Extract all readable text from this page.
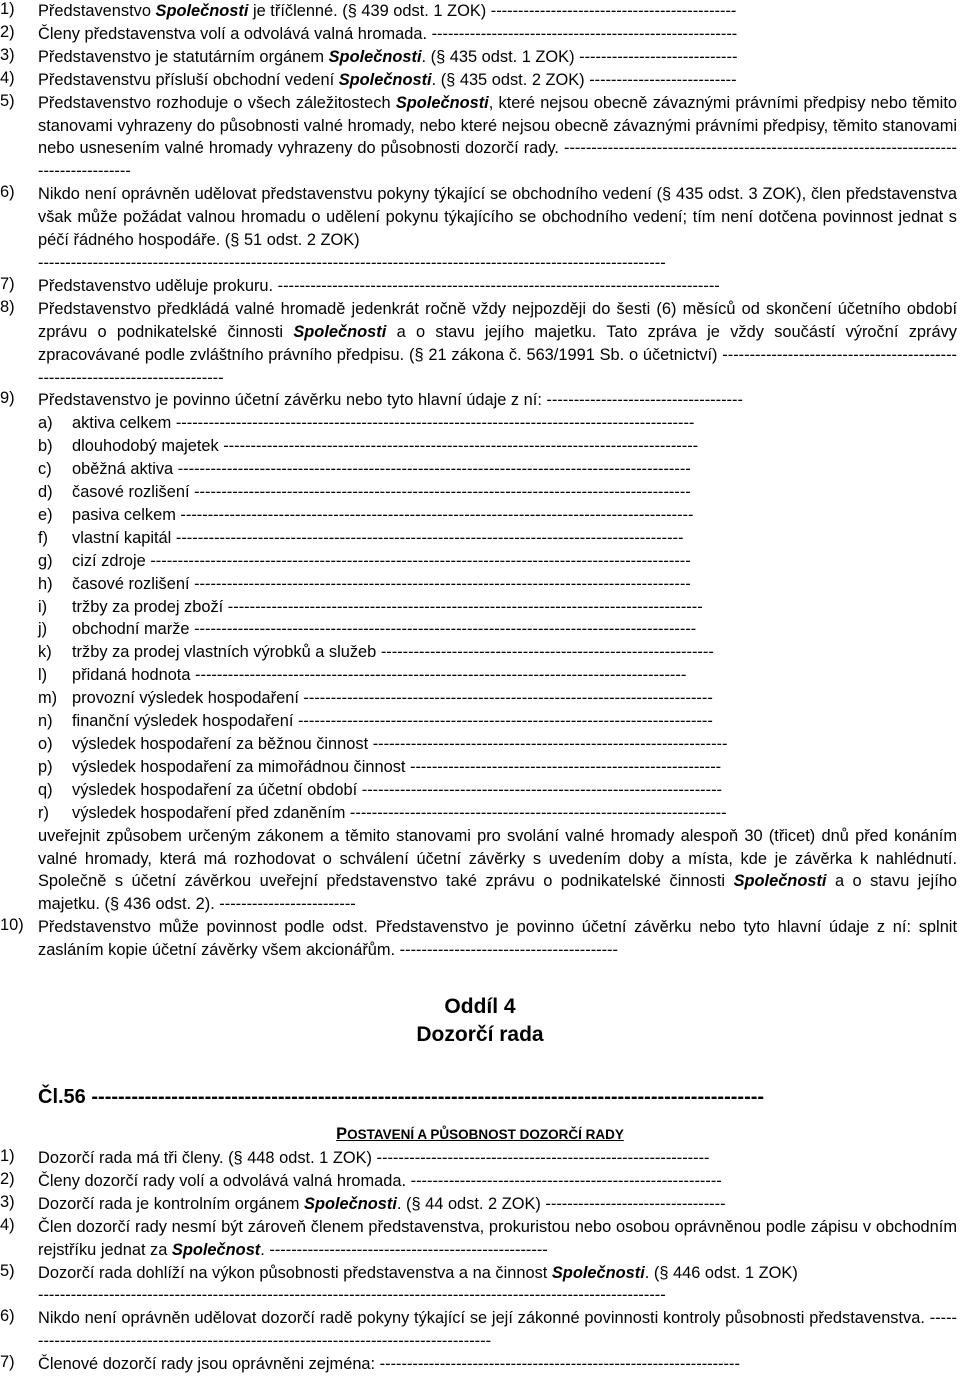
1)	Představenstvo Společnosti je tříčlenné. (§ 439 odst. 1 ZOK) ---------------------------------------------
2)	Členy představenstva volí a odvolává valná hromada. --------------------------------------------------------
3)	Představenstvo je statutárním orgánem Společnosti. (§ 435 odst. 1 ZOK) -----------------------------
4)	Představenstvu přísluší obchodní vedení Společnosti. (§ 435 odst. 2 ZOK) ---------------------------
5)	Představenstvo rozhoduje o všech záležitostech Společnosti, které nejsou obecně závaznými právními předpisy nebo těmito stanovami vyhrazeny do působnosti valné hromady, nebo které nejsou obecně závaznými právními předpisy, těmito stanovami nebo usnesením valné hromady vyhrazeny do působnosti dozorčí rady. -----------------------------------------------------------------------------------------
6)	Nikdo není oprávněn udělovat představenstvu pokyny týkající se obchodního vedení (§ 435 odst. 3 ZOK), člen představenstva však může požádat valnou hromadu o udělení pokynu týkajícího se obchodního vedení; tím není dotčena povinnost jednat s péčí řádného hospodáře. (§ 51 odst. 2 ZOK)
-------------------------------------------------------------------------------------------------------------------
7)	Představenstvo uděluje prokuru. ---------------------------------------------------------------------------------
8)	Představenstvo předkládá valné hromadě jedenkrát ročně vždy nejpozději do šesti (6) měsíců od skončení účetního období zprávu o podnikatelské činnosti Společnosti a o stavu jejího majetku. Tato zpráva je vždy součástí výroční zprávy zpracovávané podle zvláštního právního předpisu. (§ 21 zákona č. 563/1991 Sb. o účetnictví) -----------------------------------------------------------------------------
9)	Představenstvo je povinno účetní závěrku nebo tyto hlavní údaje z ní: ------------------------------------
a)	aktiva celkem -----------------------------------------------------------------------------------------------
b)	dlouhodobý majetek ---------------------------------------------------------------------------------------
c)	oběžná aktiva ----------------------------------------------------------------------------------------------
d)	časové rozlišení -------------------------------------------------------------------------------------------
e)	pasiva celkem ----------------------------------------------------------------------------------------------
f)	vlastní kapitál ---------------------------------------------------------------------------------------------
g)	cizí zdroje ---------------------------------------------------------------------------------------------------
h)	časové rozlišení -------------------------------------------------------------------------------------------
i)	tržby za prodej zboží ---------------------------------------------------------------------------------------
j)	obchodní marže --------------------------------------------------------------------------------------------
k)	tržby za prodej vlastních výrobků a služeb -------------------------------------------------------------
l)	přidaná hodnota ------------------------------------------------------------------------------------------
m) provozní výsledek hospodaření ---------------------------------------------------------------------------
n)	finanční výsledek hospodaření ----------------------------------------------------------------------------
o)	výsledek hospodaření za běžnou činnost -----------------------------------------------------------------
p)	výsledek hospodaření za mimořádnou činnost ---------------------------------------------------------
q)	výsledek hospodaření za účetní období ------------------------------------------------------------------
r)	výsledek hospodaření před zdaněním ---------------------------------------------------------------------
uveřejnit způsobem určeným zákonem a těmito stanovami pro svolání valné hromady alespoň 30 (třicet) dnů před konáním valné hromady, která má rozhodovat o schválení účetní závěrky s uvedením doby a místa, kde je závěrka k nahlédnutí. Společně s účetní závěrkou uveřejní představenstvo také zprávu o podnikatelské činnosti Společnosti a o stavu jejího majetku. (§ 436 odst. 2). -------------------------
10) Představenstvo může povinnost podle odst. Představenstvo je povinno účetní závěrku nebo tyto hlavní údaje z ní: splnit zasláním kopie účetní závěrky všem akcionářům. ----------------------------------------
Oddíl 4
Dozorčí rada
Čl.56 -----------------------------------------------------------------------------------------------------
POSTAVENÍ A PŮSOBNOST DOZORČÍ RADY
1)	Dozorčí rada má tři členy. (§ 448 odst. 1 ZOK) -------------------------------------------------------------
2)	Členy dozorčí rady volí a odvolává valná hromada. ---------------------------------------------------------
3)	Dozorčí rada je kontrolním orgánem Společnosti. (§ 44 odst. 2 ZOK) ---------------------------------
4)	Člen dozorčí rady nesmí být zároveň členem představenstva, prokuristou nebo osobou oprávněnou podle zápisu v obchodním rejstříku jednat za Společnost. ---------------------------------------------------
5)	Dozorčí rada dohlíží na výkon působnosti představenstva a na činnost Společnosti. (§ 446 odst. 1 ZOK)
-------------------------------------------------------------------------------------------------------------------
6)	Nikdo není oprávněn udělovat dozorčí radě pokyny týkající se její zákonné povinnosti kontroly působnosti představenstva. ----------------------------------------------------------------------------------------
7)	Členové dozorčí rady jsou oprávněni zejména: ------------------------------------------------------------------
